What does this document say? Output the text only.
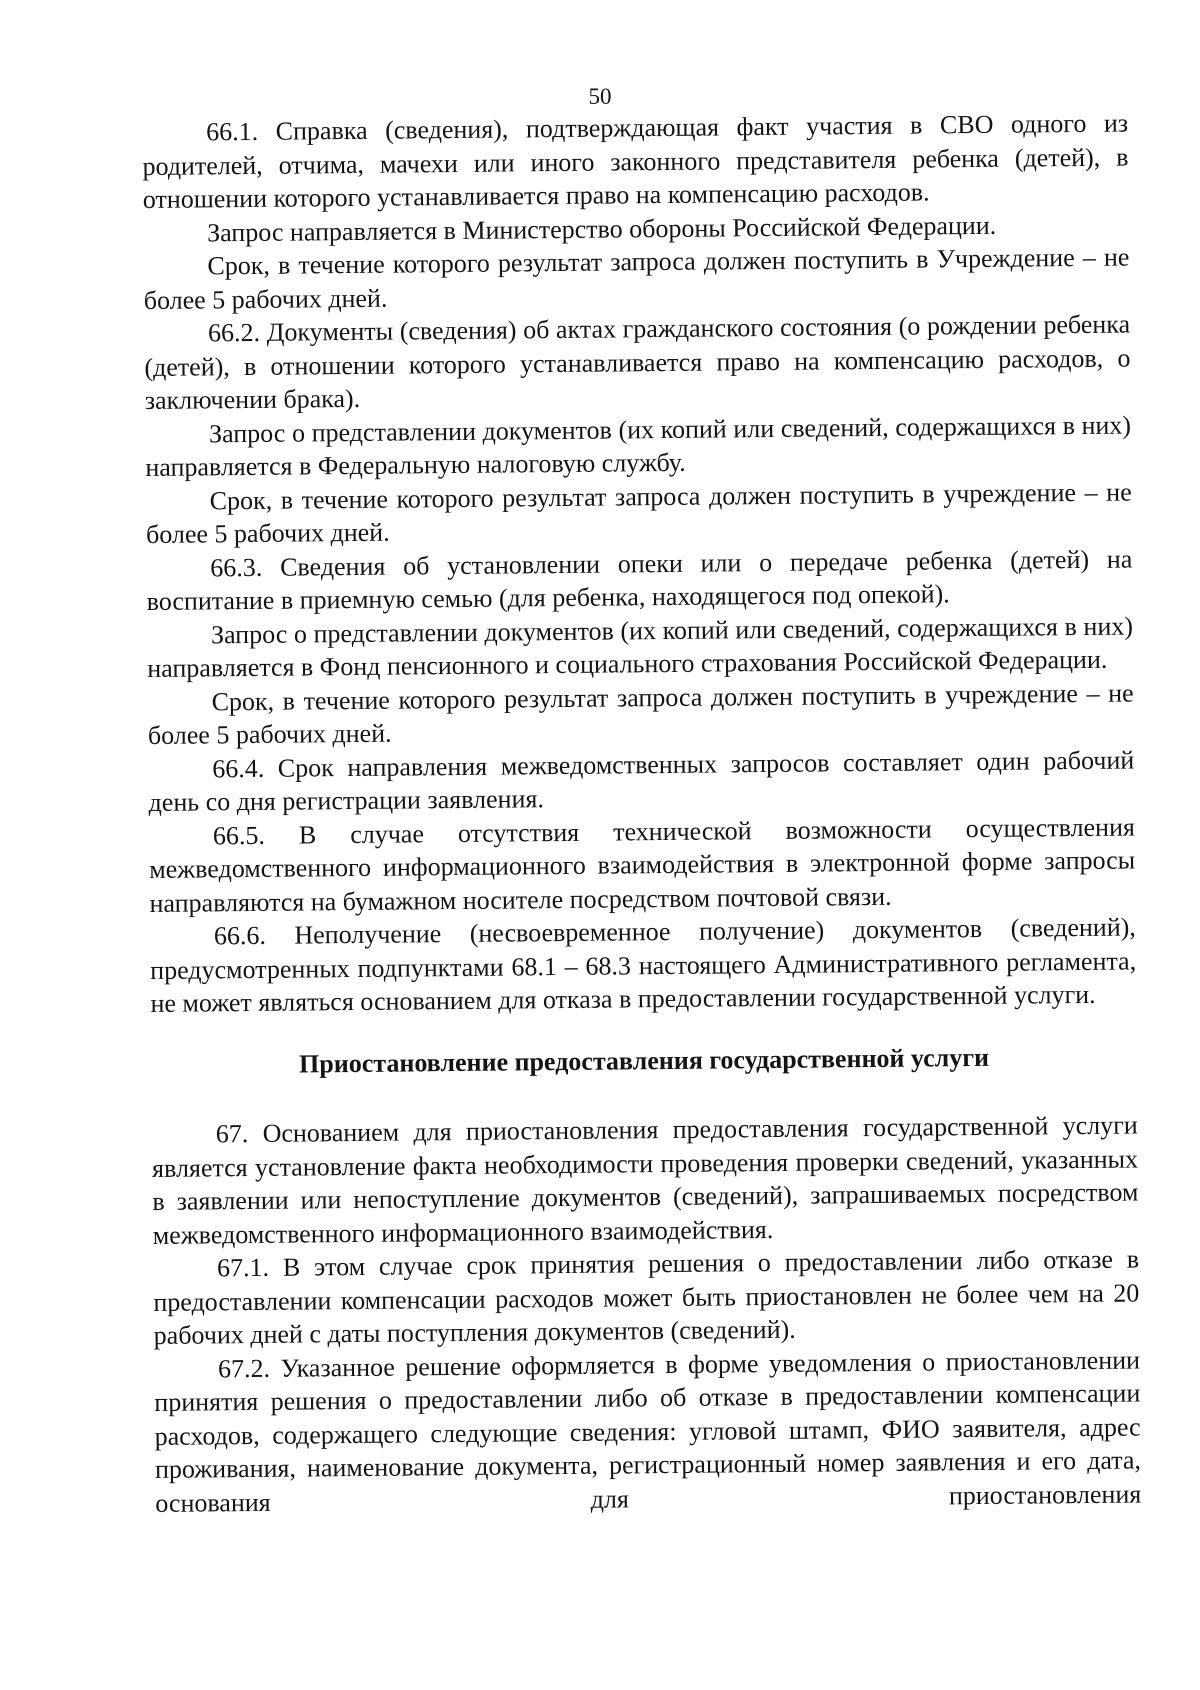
50

66.1. Справка (сведения), подтверждающая факт участия в СВО одного из родителей, отчима, мачехи или иного законного представителя ребенка (детей), в отношении которого устанавливается право на компенсацию расходов.

Запрос направляется в Министерство обороны Российской Федерации.

Срок, в течение которого результат запроса должен поступить в Учреждение – не более 5 рабочих дней.

66.2. Документы (сведения) об актах гражданского состояния (о рождении ребенка (детей), в отношении которого устанавливается право на компенсацию расходов, о заключении брака).

Запрос о представлении документов (их копий или сведений, содержащихся в них) направляется в Федеральную налоговую службу.

Срок, в течение которого результат запроса должен поступить в учреждение – не более 5 рабочих дней.

66.3. Сведения об установлении опеки или о передаче ребенка (детей) на воспитание в приемную семью (для ребенка, находящегося под опекой).

Запрос о представлении документов (их копий или сведений, содержащихся в них) направляется в Фонд пенсионного и социального страхования Российской Федерации.

Срок, в течение которого результат запроса должен поступить в учреждение – не более 5 рабочих дней.

66.4. Срок направления межведомственных запросов составляет один рабочий день со дня регистрации заявления.

66.5. В случае отсутствия технической возможности осуществления межведомственного информационного взаимодействия в электронной форме запросы направляются на бумажном носителе посредством почтовой связи.

66.6. Неполучение (несвоевременное получение) документов (сведений), предусмотренных подпунктами 68.1 – 68.3 настоящего Административного регламента, не может являться основанием для отказа в предоставлении государственной услуги.

Приостановление предоставления государственной услуги

67. Основанием для приостановления предоставления государственной услуги является установление факта необходимости проведения проверки сведений, указанных в заявлении или непоступление документов (сведений), запрашиваемых посредством межведомственного информационного взаимодействия.

67.1. В этом случае срок принятия решения о предоставлении либо отказе в предоставлении компенсации расходов может быть приостановлен не более чем на 20 рабочих дней с даты поступления документов (сведений).

67.2. Указанное решение оформляется в форме уведомления о приостановлении принятия решения о предоставлении либо об отказе в предоставлении компенсации расходов, содержащего следующие сведения: угловой штамп, ФИО заявителя, адрес проживания, наименование документа, регистрационный номер заявления и его дата, основания для приостановления
